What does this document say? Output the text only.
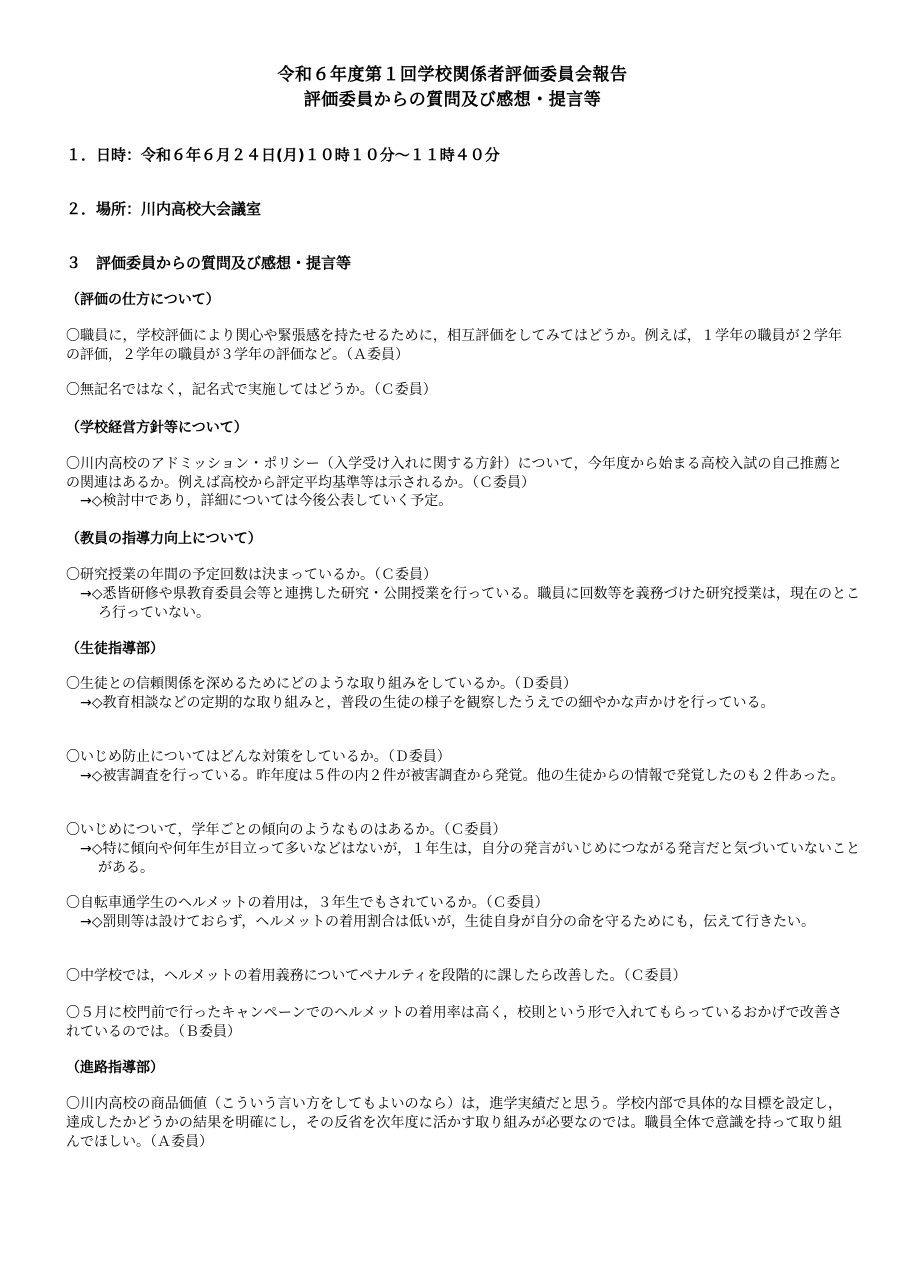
令和６年度第１回学校関係者評価委員会報告
評価委員からの質問及び感想・提言等
１．日時：令和６年６月２４日(月)１０時１０分～１１時４０分
２．場所：川内高校大会議室
３　評価委員からの質問及び感想・提言等
（評価の仕方について）
〇職員に，学校評価により関心や緊張感を持たせるために，相互評価をしてみてはどうか。例えば，１学年の職員が２学年の評価，２学年の職員が３学年の評価など。（Ａ委員）
〇無記名ではなく，記名式で実施してはどうか。（Ｃ委員）
（学校経営方針等について）
〇川内高校のアドミッション・ポリシー（入学受け入れに関する方針）について，今年度から始まる高校入試の自己推薦との関連はあるか。例えば高校から評定平均基準等は示されるか。（Ｃ委員）
→◇検討中であり，詳細については今後公表していく予定。
（教員の指導力向上について）
〇研究授業の年間の予定回数は決まっているか。（Ｃ委員）
→◇悉皆研修や県教育委員会等と連携した研究・公開授業を行っている。職員に回数等を義務づけた研究授業は，現在のところ行っていない。
（生徒指導部）
〇生徒との信頼関係を深めるためにどのような取り組みをしているか。（Ｄ委員）
→◇教育相談などの定期的な取り組みと，普段の生徒の様子を観察したうえでの細やかな声かけを行っている。
〇いじめ防止についてはどんな対策をしているか。（Ｄ委員）
→◇被害調査を行っている。昨年度は５件の内２件が被害調査から発覚。他の生徒からの情報で発覚したのも２件あった。
〇いじめについて，学年ごとの傾向のようなものはあるか。（Ｃ委員）
→◇特に傾向や何年生が目立って多いなどはないが，１年生は，自分の発言がいじめにつながる発言だと気づいていないことがある。
〇自転車通学生のヘルメットの着用は，３年生でもされているか。（Ｃ委員）
→◇罰則等は設けておらず，ヘルメットの着用割合は低いが，生徒自身が自分の命を守るためにも，伝えて行きたい。
〇中学校では，ヘルメットの着用義務についてペナルティを段階的に課したら改善した。（Ｃ委員）
〇５月に校門前で行ったキャンペーンでのヘルメットの着用率は高く，校則という形で入れてもらっているおかげで改善されているのでは。（Ｂ委員）
（進路指導部）
〇川内高校の商品価値（こういう言い方をしてもよいのなら）は，進学実績だと思う。学校内部で具体的な目標を設定し，達成したかどうかの結果を明確にし，その反省を次年度に活かす取り組みが必要なのでは。職員全体で意識を持って取り組んでほしい。（Ａ委員）
